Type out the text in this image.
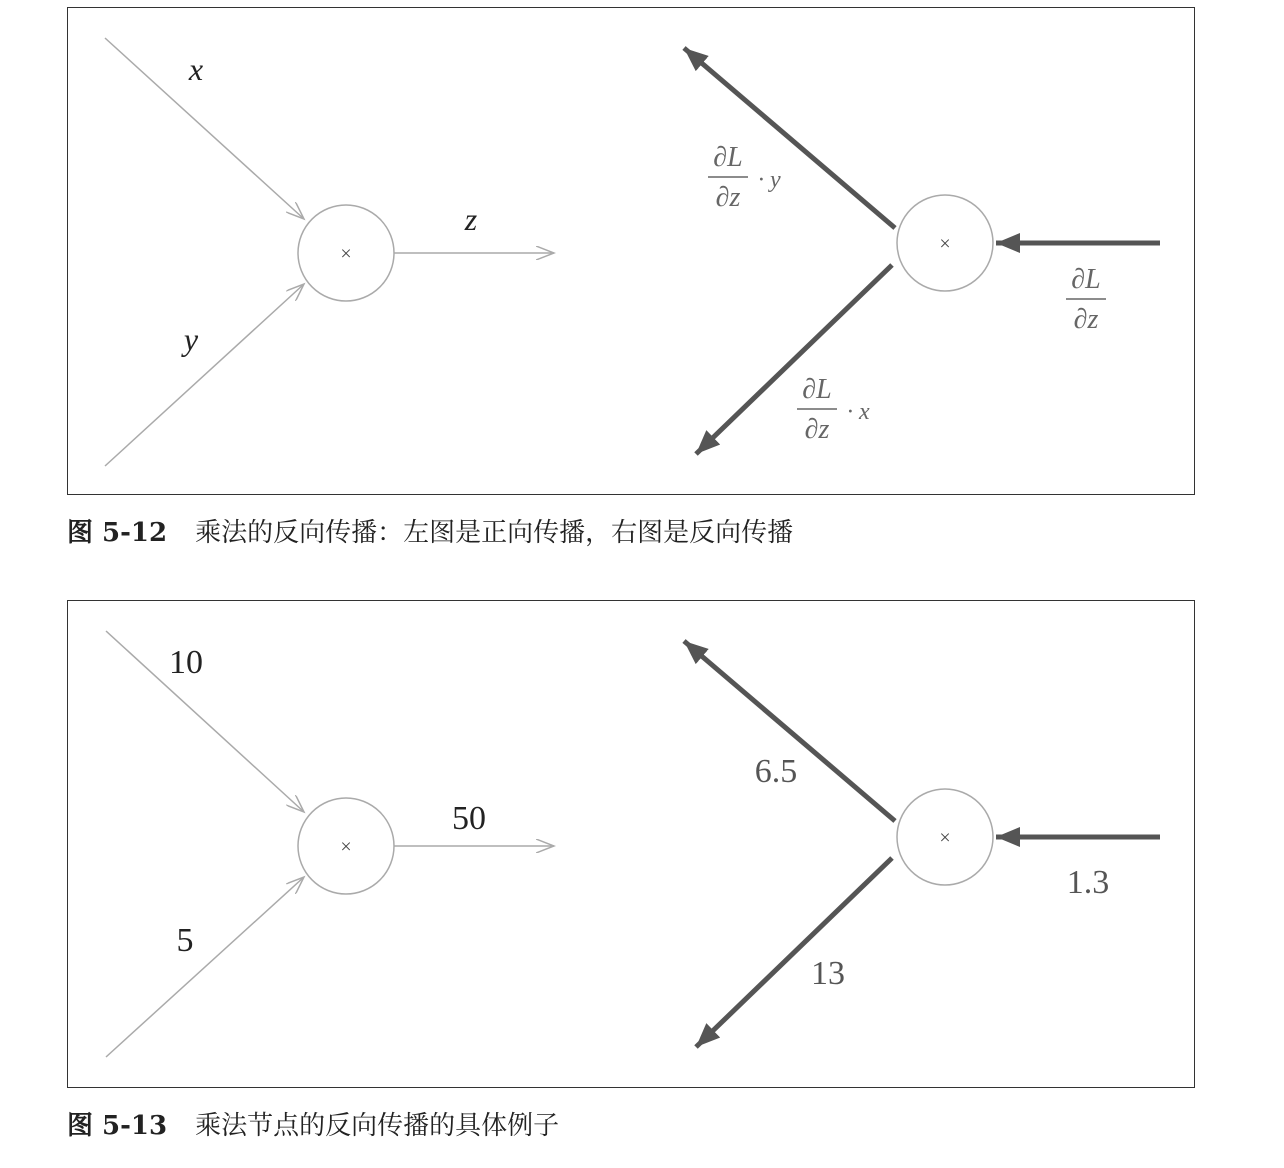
×
x
y
z
×
∂L
∂z
∂L
∂z
· y
∂L
∂z
· x
图 5-12 乘法的反向传播：左图是正向传播，右图是反向传播
×
10
5
50
×
1.3
6.5
13
图 5-13 乘法节点的反向传播的具体例子
